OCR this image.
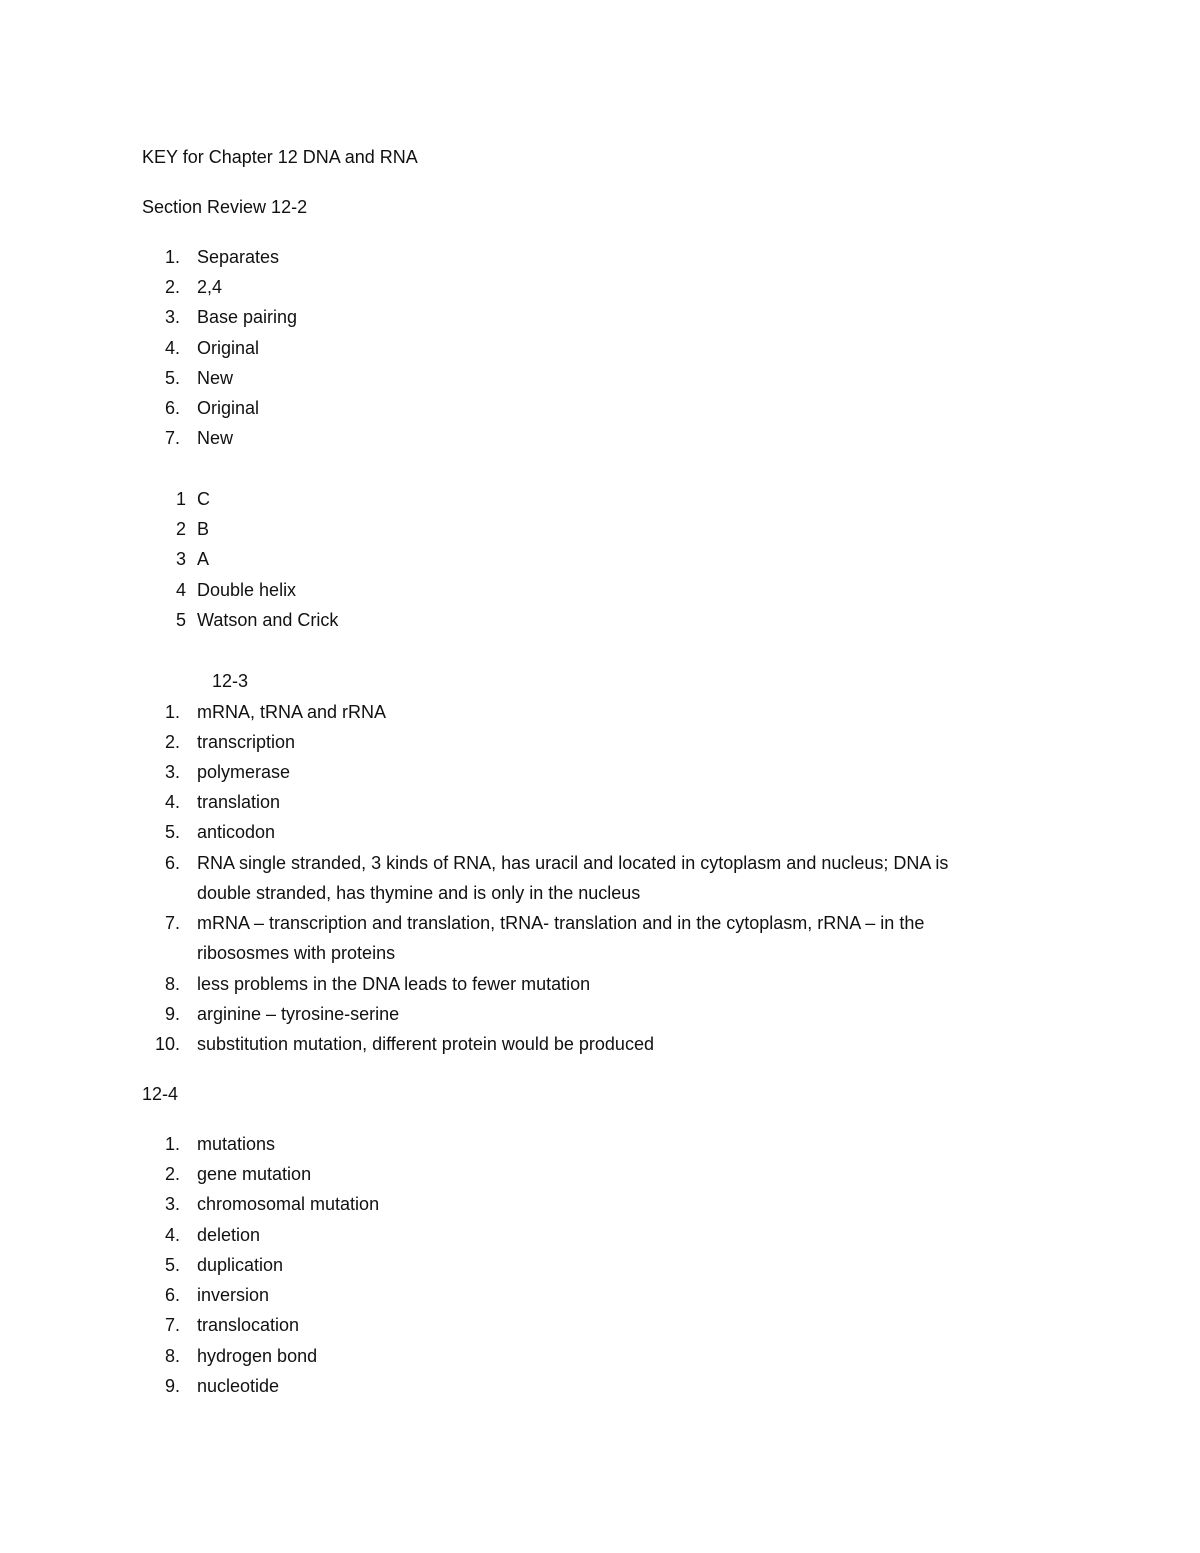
KEY for Chapter 12 DNA and RNA
Section Review 12-2
1. Separates
2. 2,4
3. Base pairing
4. Original
5. New
6. Original
7. New
1 C
2 B
3 A
4 Double helix
5 Watson and Crick
12-3
1. mRNA, tRNA and rRNA
2. transcription
3. polymerase
4. translation
5. anticodon
6. RNA single stranded, 3 kinds of RNA, has uracil and located in cytoplasm and nucleus; DNA is
double stranded, has thymine and is only in the nucleus
7. mRNA – transcription and translation, tRNA- translation and in the cytoplasm, rRNA – in the
ribososmes with proteins
8. less problems in the DNA leads to fewer mutation
9. arginine – tyrosine-serine
10. substitution mutation, different protein would be produced
12-4
1. mutations
2. gene mutation
3. chromosomal mutation
4. deletion
5. duplication
6. inversion
7. translocation
8. hydrogen bond
9. nucleotide
